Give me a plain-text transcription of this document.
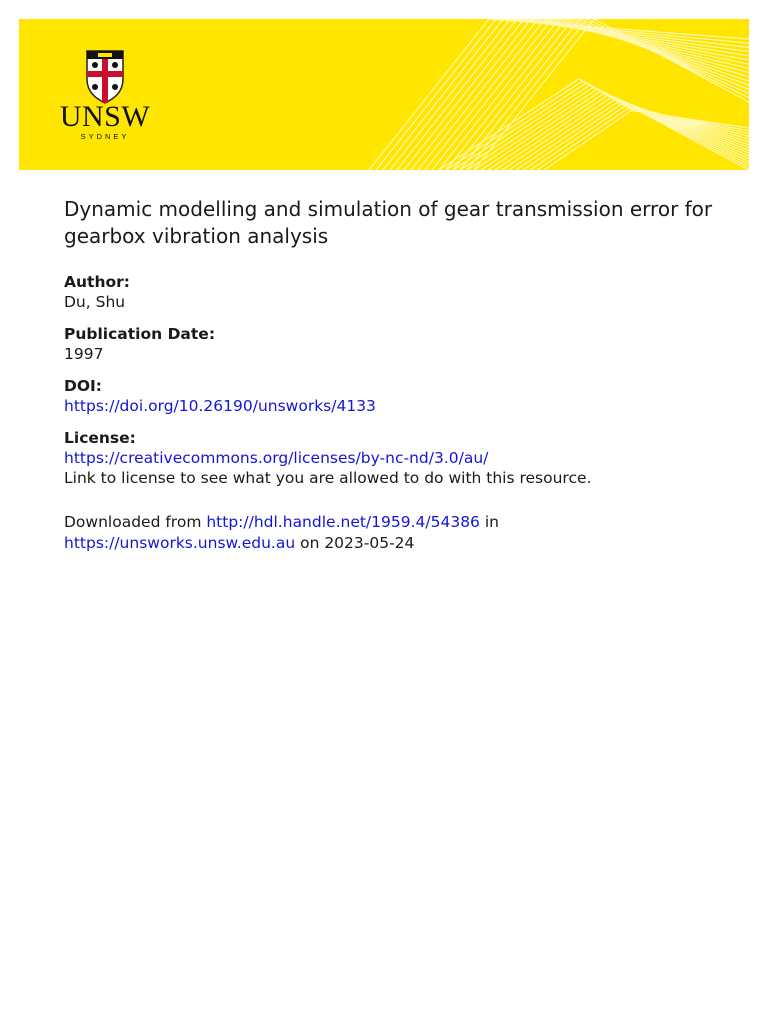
UNSW
SYDNEY
Dynamic modelling and simulation of gear transmission error for gearbox vibration analysis

Author:

Du, Shu

Publication Date:

1997

DOI:

https://doi.org/10.26190/unsworks/4133

License:

https://creativecommons.org/licenses/by-nc-nd/3.0/au/

Link to license to see what you are allowed to do with this resource.

Downloaded from http://hdl.handle.net/1959.4/54386 in https://unsworks.unsw.edu.au on 2023-05-24
